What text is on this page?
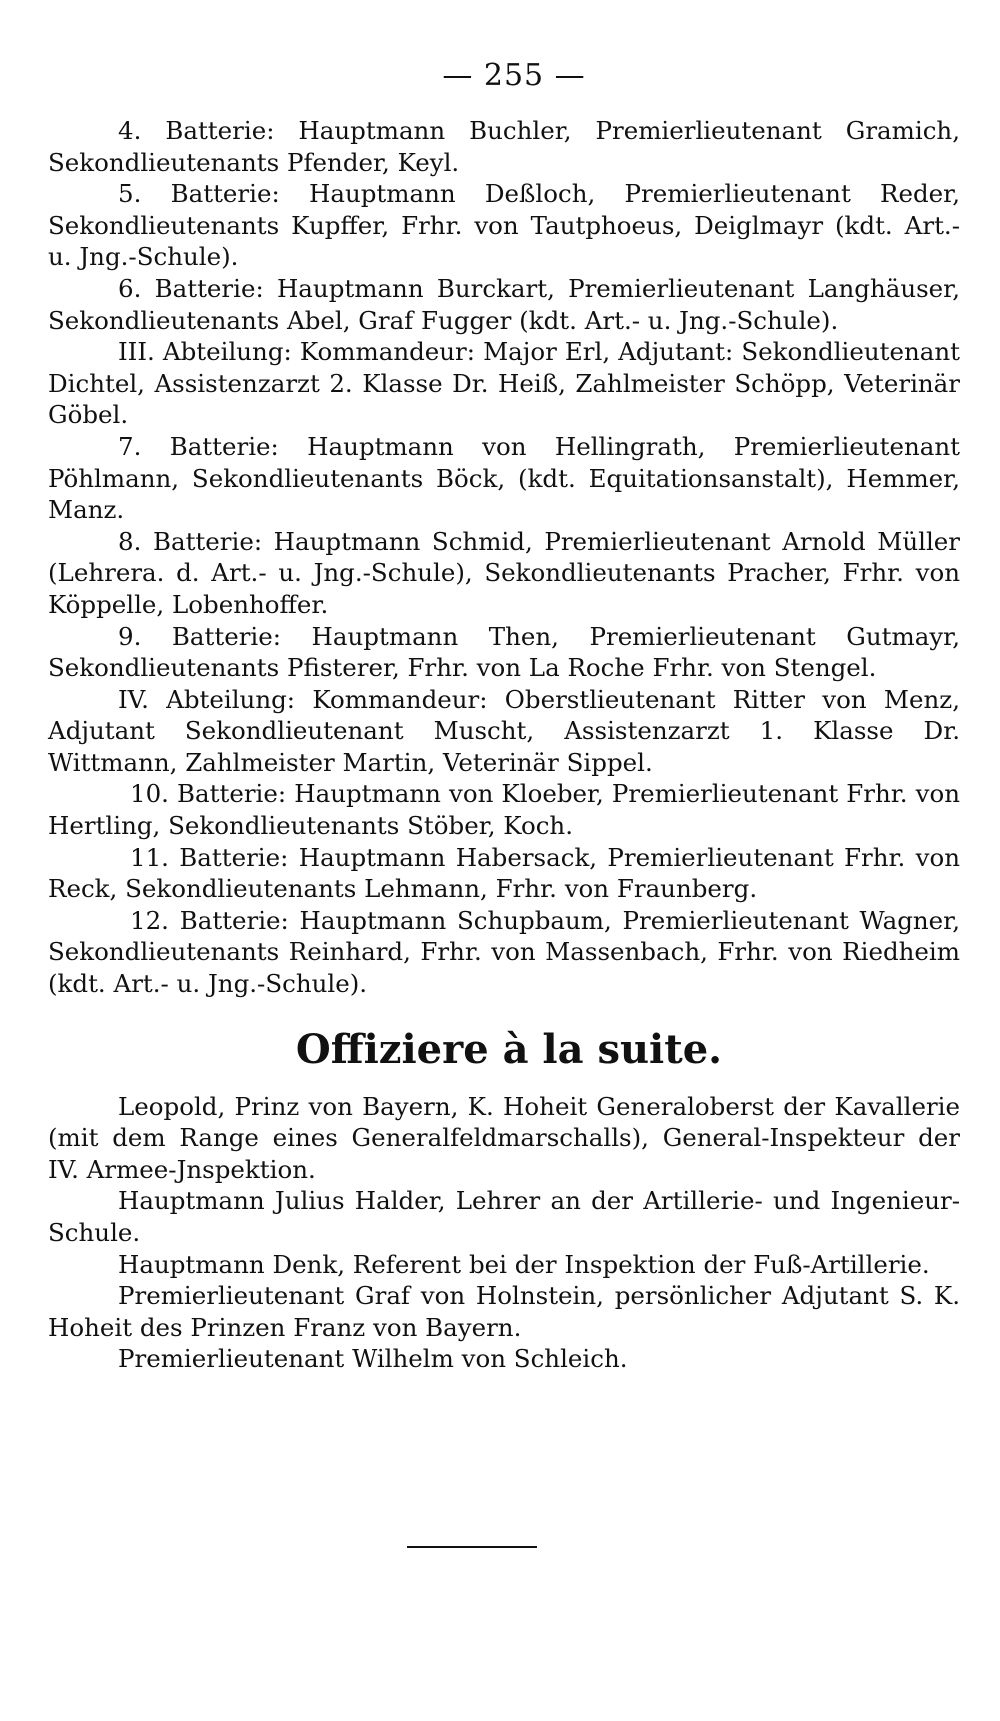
— 255 —

4. Batterie: Hauptmann Buchler, Premierlieutenant Gramich, Sekondlieutenants Pfender, Keyl.

5. Batterie: Hauptmann Deßloch, Premierlieutenant Reder, Sekondlieutenants Kupffer, Frhr. von Tautphoeus, Deiglmayr (kdt. Art.- u. Jng.-Schule).

6. Batterie: Hauptmann Burckart, Premierlieutenant Langhäuser, Sekondlieutenants Abel, Graf Fugger (kdt. Art.- u. Jng.-Schule).

III. Abteilung: Kommandeur: Major Erl, Adjutant: Sekondlieutenant Dichtel, Assistenzarzt 2. Klasse Dr. Heiß, Zahlmeister Schöpp, Veterinär Göbel.

7. Batterie: Hauptmann von Hellingrath, Premierlieutenant Pöhlmann, Sekondlieutenants Böck, (kdt. Equitationsanstalt), Hemmer, Manz.

8. Batterie: Hauptmann Schmid, Premierlieutenant Arnold Müller (Lehrera. d. Art.- u. Jng.-Schule), Sekondlieutenants Pracher, Frhr. von Köppelle, Lobenhoffer.

9. Batterie: Hauptmann Then, Premierlieutenant Gutmayr, Sekondlieutenants Pfisterer, Frhr. von La Roche Frhr. von Stengel.

IV. Abteilung: Kommandeur: Oberstlieutenant Ritter von Menz, Adjutant Sekondlieutenant Muscht, Assistenzarzt 1. Klasse Dr. Wittmann, Zahlmeister Martin, Veterinär Sippel.

10. Batterie: Hauptmann von Kloeber, Premierlieutenant Frhr. von Hertling, Sekondlieutenants Stöber, Koch.

11. Batterie: Hauptmann Habersack, Premierlieutenant Frhr. von Reck, Sekondlieutenants Lehmann, Frhr. von Fraunberg.

12. Batterie: Hauptmann Schupbaum, Premierlieutenant Wagner, Sekondlieutenants Reinhard, Frhr. von Massenbach, Frhr. von Riedheim (kdt. Art.- u. Jng.-Schule).

Offiziere à la suite.

Leopold, Prinz von Bayern, K. Hoheit Generaloberst der Kavallerie (mit dem Range eines Generalfeldmarschalls), General-Inspekteur der IV. Armee-Jnspektion.

Hauptmann Julius Halder, Lehrer an der Artillerie- und Ingenieur-Schule.

Hauptmann Denk, Referent bei der Inspektion der Fuß-Artillerie.

Premierlieutenant Graf von Holnstein, persönlicher Adjutant S. K. Hoheit des Prinzen Franz von Bayern.

Premierlieutenant Wilhelm von Schleich.
